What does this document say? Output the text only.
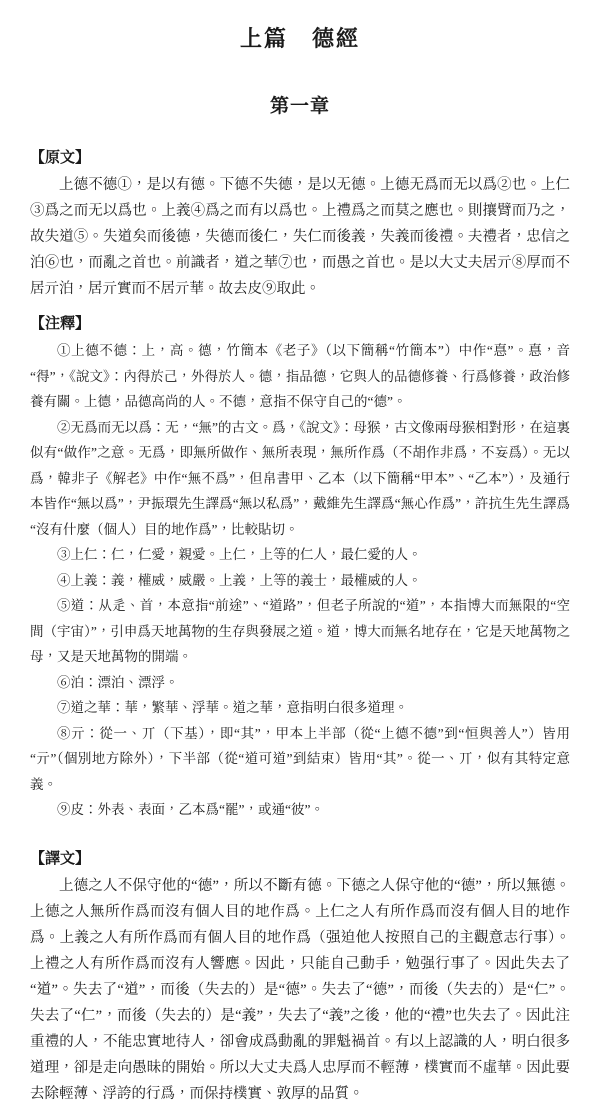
上篇　德經
第一章
【原文】

上德不德①，是以有德。下德不失德，是以无德。上德无爲而无以爲②也。上仁③爲之而无以爲也。上義④爲之而有以爲也。上禮爲之而莫之應也。則攘臂而乃之，故失道⑤。失道矣而後德，失德而後仁，失仁而後義，失義而後禮。夫禮者，忠信之泊⑥也，而亂之首也。前識者，道之華⑦也，而愚之首也。是以大丈夫居亓⑧厚而不居亓泊，居亓實而不居亓華。故去皮⑨取此。

【注釋】

①上德不德：上，高。德，竹簡本《老子》（以下簡稱“竹簡本”）中作“惪”。惪，音“得”，《說文》：內得於己，外得於人。德，指品德，它與人的品德修養、行爲修養，政治修養有關。上德，品德高尚的人。不德，意指不保守自己的“德”。

②无爲而无以爲：无，“無”的古文。爲，《說文》：母猴，古文像兩母猴相對形，在這裏似有“做作”之意。无爲，即無所做作、無所表現，無所作爲（不胡作非爲，不妄爲）。无以爲，韓非子《解老》中作“無不爲”，但帛書甲、乙本（以下簡稱“甲本”、“乙本”），及通行本皆作“無以爲”，尹振環先生譯爲“無以私爲”，戴維先生譯爲“無心作爲”，許抗生先生譯爲“沒有什麼（個人）目的地作爲”，比較貼切。

③上仁：仁，仁愛，親愛。上仁，上等的仁人，最仁愛的人。

④上義：義，權威，威嚴。上義，上等的義士，最權威的人。

⑤道：从辵、首，本意指“前途”、“道路”，但老子所說的“道”，本指博大而無限的“空間（宇宙）”，引申爲天地萬物的生存與發展之道。道，博大而無名地存在，它是天地萬物之母，又是天地萬物的開端。

⑥泊：漂泊、漂浮。

⑦道之華：華，繁華、浮華。道之華，意指明白很多道理。

⑧亓：從一、丌（下基），即“其”，甲本上半部（從“上德不德”到“恒與善人”）皆用“亓”（個別地方除外），下半部（從“道可道”到結束）皆用“其”。從一、丌，似有其特定意義。

⑨皮：外表、表面，乙本爲“罷”，或通“彼”。

【譯文】

上德之人不保守他的“德”，所以不斷有德。下德之人保守他的“德”，所以無德。上德之人無所作爲而沒有個人目的地作爲。上仁之人有所作爲而沒有個人目的地作爲。上義之人有所作爲而有個人目的地作爲（强迫他人按照自己的主觀意志行事）。上禮之人有所作爲而沒有人響應。因此，只能自己動手，勉强行事了。因此失去了“道”。失去了“道”，而後（失去的）是“德”。失去了“德”，而後（失去的）是“仁”。失去了“仁”，而後（失去的）是“義”，失去了“義”之後，他的“禮”也失去了。因此注重禮的人，不能忠實地待人，卻會成爲動亂的罪魁禍首。有以上認識的人，明白很多道理，卻是走向愚昧的開始。所以大丈夫爲人忠厚而不輕薄，樸實而不虛華。因此要去除輕薄、浮誇的行爲，而保持樸實、敦厚的品質。
